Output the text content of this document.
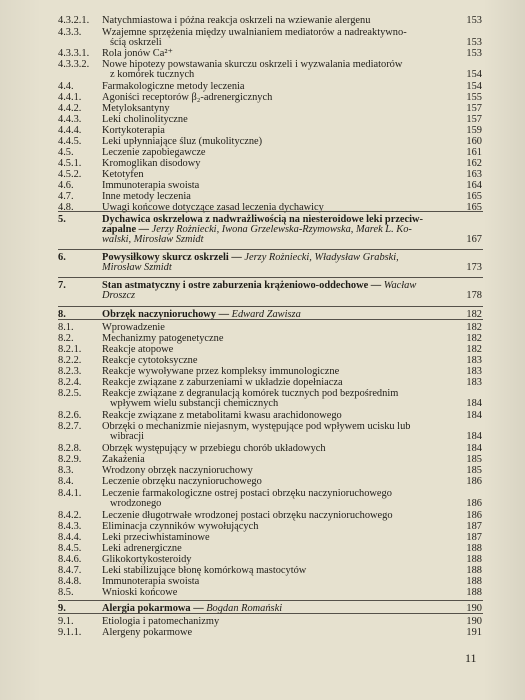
4.3.2.1. Natychmiastowa i późna reakcja oskrzeli na wziewanie alergenu	153
4.3.3. Wzajemne sprzężenia między uwalnianiem mediatorów a nadreaktywno-
ścią oskrzeli	153
4.3.3.1. Rola jonów Ca²⁺	153
4.3.3.2. Nowe hipotezy powstawania skurczu oskrzeli i wyzwalania mediatorów
z komórek tucznych	154
4.4.	Farmakologiczne metody leczenia	154
4.4.1. Agoniści receptorów β₂-adrenergicznych	155
4.4.2. Metyloksantyny	157
4.4.3. Leki cholinolityczne	157
4.4.4. Kortykoterapia	159
4.4.5. Leki upłynniające śluz (mukolityczne)	160
4.5.	Leczenie zapobiegawcze	161
4.5.1. Kromoglikan disodowy	162
4.5.2. Ketotyfen	163
4.6.	Immunoterapia swoista	164
4.7.	Inne metody leczenia	165
4.8.	Uwagi końcowe dotyczące zasad leczenia dychawicy	165
5.	Dychawica oskrzelowa z nadwrażliwością na niesteroidowe leki przeciw-
zapalne — Jerzy Rożniecki, Iwona Grzelewska-Rzymowska, Marek L. Ko-
walski, Mirosław Szmidt	167
6.	Powysiłkowy skurcz oskrzeli — Jerzy Rożniecki, Władysław Grabski,
Mirosław Szmidt	173
7.	Stan astmatyczny i ostre zaburzenia krążeniowo-oddechowe — Wacław
Droszcz	178
8.	Obrzęk naczynioruchowy — Edward Zawisza	182
8.1.	Wprowadzenie	182
8.2.	Mechanizmy patogenetyczne	182
8.2.1. Reakcje atopowe	182
8.2.2. Reakcje cytotoksyczne	183
8.2.3. Reakcje wywoływane przez kompleksy immunologiczne	183
8.2.4. Reakcje związane z zaburzeniami w układzie dopełniacza	183
8.2.5. Reakcje związane z degranulacją komórek tucznych pod bezpośrednim
wpływem wielu substancji chemicznych	184
8.2.6. Reakcje związane z metabolitami kwasu arachidonowego	184
8.2.7. Obrzęki o mechanizmie niejasnym, występujące pod wpływem ucisku lub
wibracji	184
8.2.8. Obrzęk występujący w przebiegu chorób układowych	184
8.2.9. Zakażenia	185
8.3.	Wrodzony obrzęk naczynioruchowy	185
8.4.	Leczenie obrzęku naczynioruchowego	186
8.4.1. Leczenie farmakologiczne ostrej postaci obrzęku naczynioruchowego
wrodzonego	186
8.4.2. Leczenie długotrwałe wrodzonej postaci obrzęku naczynioruchowego	186
8.4.3. Eliminacja czynników wywołujących	187
8.4.4. Leki przeciwhistaminowe	187
8.4.5. Leki adrenergiczne	188
8.4.6. Glikokortykosteroidy	188
8.4.7. Leki stabilizujące błonę komórkową mastocytów	188
8.4.8. Immunoterapia swoista	188
8.5.	Wnioski końcowe	188
9.	Alergia pokarmowa — Bogdan Romański	190
9.1.	Etiologia i patomechanizmy	190
9.1.1. Alergeny pokarmowe	191
11
